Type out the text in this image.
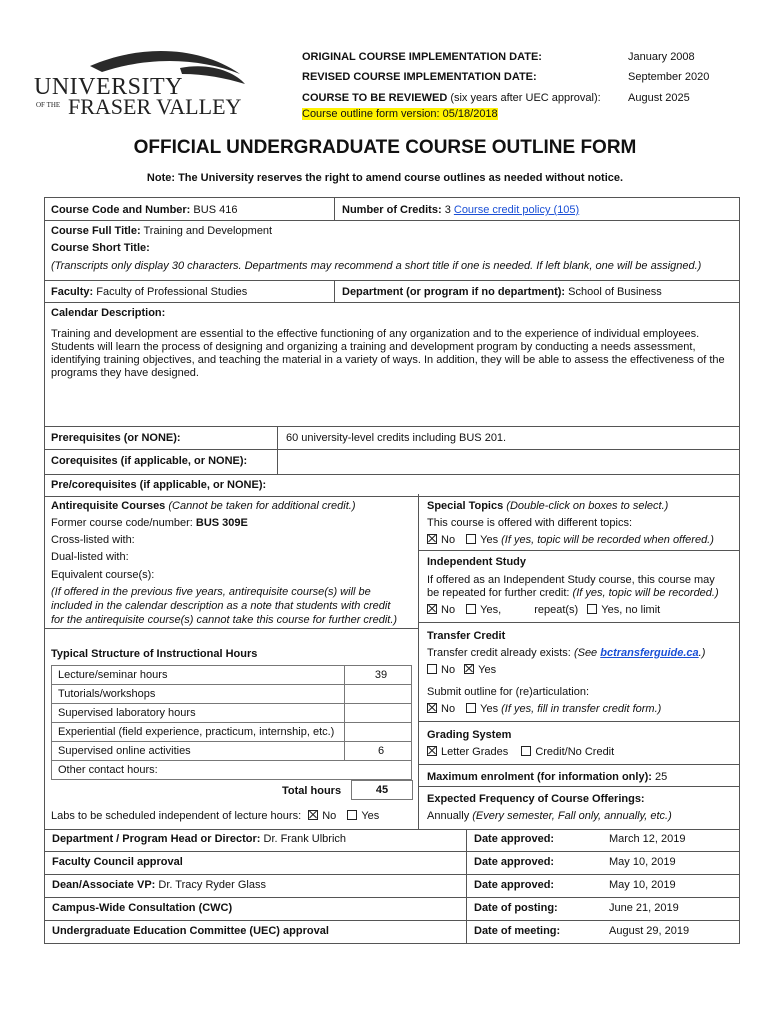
UNIVERSITY
OF THE FRASER VALLEY
ORIGINAL COURSE IMPLEMENTATION DATE:	January 2008
REVISED COURSE IMPLEMENTATION DATE:	September 2020
COURSE TO BE REVIEWED (six years after UEC approval): August 2025
Course outline form version: 05/18/2018
OFFICIAL UNDERGRADUATE COURSE OUTLINE FORM
Note: The University reserves the right to amend course outlines as needed without notice.
Course Code and Number: BUS 416	Number of Credits: 3 Course credit policy (105)
Course Full Title: Training and Development
Course Short Title:
(Transcripts only display 30 characters. Departments may recommend a short title if one is needed. If left blank, one will be assigned.)
Faculty: Faculty of Professional Studies	Department (or program if no department): School of Business
Calendar Description:
Training and development are essential to the effective functioning of any organization and to the experience of individual employees. Students will learn the process of designing and organizing a training and development program by conducting a needs assessment, identifying training objectives, and teaching the material in a variety of ways. In addition, they will be able to assess the effectiveness of the programs they have designed.
Prerequisites (or NONE):	60 university-level credits including BUS 201.
Corequisites (if applicable, or NONE):
Pre/corequisites (if applicable, or NONE):
Antirequisite Courses (Cannot be taken for additional credit.)
Former course code/number: BUS 309E
Cross-listed with:
Dual-listed with:
Equivalent course(s):
(If offered in the previous five years, antirequisite course(s) will be
included in the calendar description as a note that students with credit
for the antirequisite course(s) cannot take this course for further credit.)
Typical Structure of Instructional Hours
Lecture/seminar hours	39
Tutorials/workshops	
Supervised laboratory hours	
Experiential (field experience, practicum, internship, etc.)	
Supervised online activities	6
Other contact hours:	
Total hours	45
Labs to be scheduled independent of lecture hours: No Yes
Special Topics (Double-click on boxes to select.)
This course is offered with different topics:
No Yes (If yes, topic will be recorded when offered.)
Independent Study
If offered as an Independent Study course, this course may
be repeated for further credit: (If yes, topic will be recorded.)
No Yes,	repeat(s) Yes, no limit
Transfer Credit
Transfer credit already exists: (See bctransferguide.ca.)
No Yes
Submit outline for (re)articulation:
No Yes (If yes, fill in transfer credit form.)
Grading System
Letter Grades Credit/No Credit
Maximum enrolment (for information only): 25
Expected Frequency of Course Offerings:
Annually (Every semester, Fall only, annually, etc.)
Department / Program Head or Director: Dr. Frank Ulbrich	Date approved:	March 12, 2019
Faculty Council approval	Date approved:	May 10, 2019
Dean/Associate VP: Dr. Tracy Ryder Glass	Date approved:	May 10, 2019
Campus-Wide Consultation (CWC)	Date of posting:	June 21, 2019
Undergraduate Education Committee (UEC) approval	Date of meeting:	August 29, 2019
